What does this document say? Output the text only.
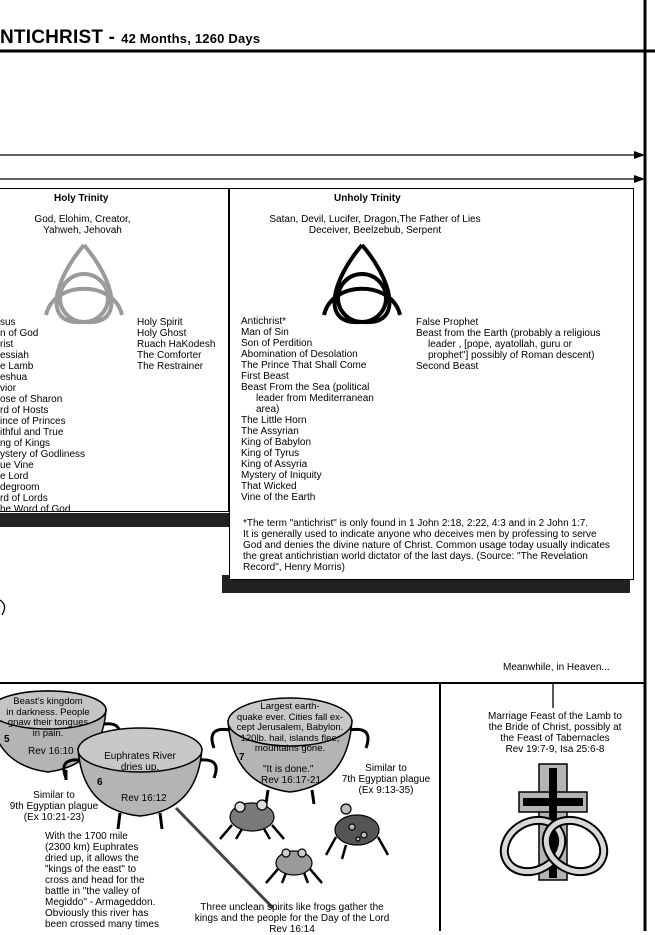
NTICHRIST - 42 Months, 1260 Days
Holy Trinity
God, Elohim, Creator,
Yahweh, Jehovah
sus
n of God
rist
essiah
e Lamb
eshua
vior
ose of Sharon
rd of Hosts
ince of Princes
ithful and True
ng of Kings
ystery of Godliness
ue Vine
e Lord
degroom
rd of Lords
he Word of God
Holy Spirit
Holy Ghost
Ruach HaKodesh
The Comforter
The Restrainer
Unholy Trinity
Satan, Devil, Lucifer, Dragon,The Father of Lies
Deceiver, Beelzebub, Serpent
Antichrist*
Man of Sin
Son of Perdition
Abomination of Desolation
The Prince That Shall Come
First Beast
Beast From the Sea (political
leader from Mediterranean
area)
The Little Horn
The Assyrian
King of Babylon
King of Tyrus
King of Assyria
Mystery of Iniquity
That Wicked
Vine of the Earth
False Prophet
Beast from the Earth (probably a religious
leader , [pope, ayatollah, guru or
prophet"] possibly of Roman descent)
Second Beast
*The term "antichrist" is only found in 1 John 2:18, 2:22, 4:3 and in 2 John 1:7.
It is generally used to indicate anyone who deceives men by professing to serve
God and denies the divine nature of Christ. Common usage today usually indicates
the great antichristian world dictator of the last days. (Source: "The Revelation
Record", Henry Morris)
Meanwhile, in Heaven...
Beast's kingdom
in darkness. People
gnaw their tongues
in pain.
5
Rev 16:10	Euphrates River
dries up.
6
Rev 16:12
Largest earth-
quake ever. Cities fall ex-
cept Jerusalem, Babylon.
120lb. hail, islands flee,
mountains gone.
7
"It is done."
Rev 16:17-21
Similar to
9th Egyptian plague
(Ex 10:21-23)
Similar to
7th Egyptian plague
(Ex 9:13-35)
With the 1700 mile
(2300 km) Euphrates
dried up, it allows the
"kings of the east" to
cross and head for the
battle in "the valley of
Megiddo" - Armageddon.
Obviously this river has
been crossed many times
Three unclean spirits like frogs gather the
kings and the people for the Day of the Lord
Rev 16:14
Marriage Feast of the Lamb to
the Bride of Christ, possibly at
the Feast of Tabernacles
Rev 19:7-9, Isa 25:6-8
